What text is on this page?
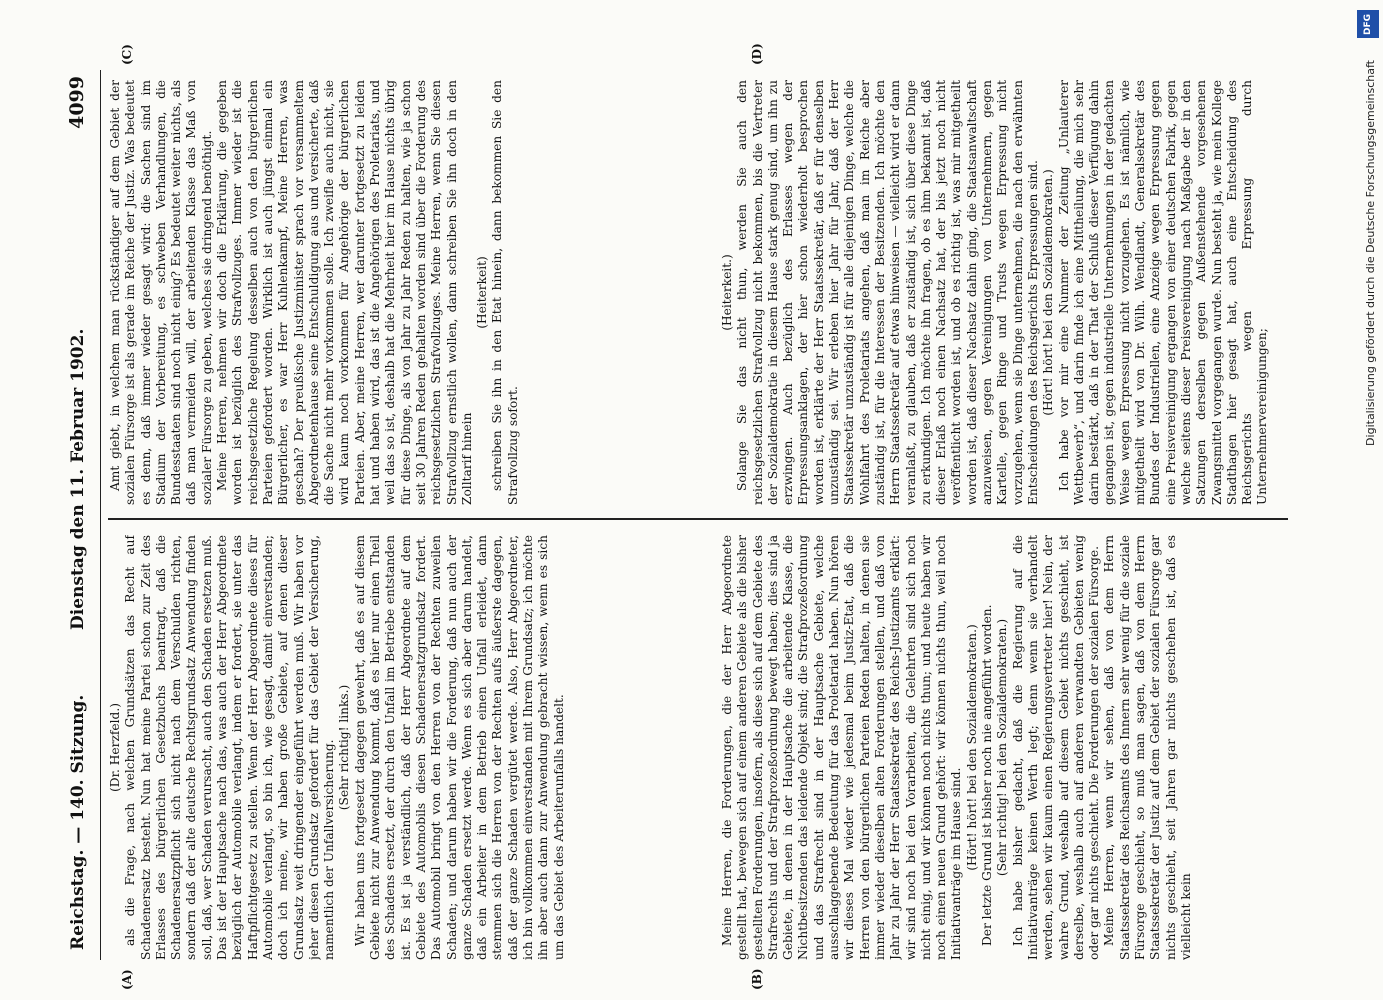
Reichstag. — 140. Sitzung.
Dienstag den 11. Februar 1902.
4099

(Dr. Herzfeld.) als die Frage, nach welchen Grundsätzen das Recht auf Schadenersatz besteht. Nun hat meine Partei schon zur Zeit des Erlasses des bürgerlichen Gesetzbuchs beantragt, daß die Schadenersatzpflicht sich nicht nach dem Verschulden richten, sondern daß der alte deutsche Rechtsgrundsatz Anwendung finden soll, daß, wer Schaden verursacht, auch den Schaden ersetzen muß. Das ist der Hauptsache nach das, was auch der Herr Abgeordnete bezüglich der Automobile verlangt, indem er fordert, sie unter das Haftpflichtgesetz zu stellen. Wenn der Herr Abgeordnete dieses für Automobile verlangt, so bin ich, wie gesagt, damit einverstanden; doch ich meine, wir haben große Gebiete, auf denen dieser Grundsatz weit dringender eingeführt werden muß. Wir haben vor jeher diesen Grundsatz gefordert für das Gebiet der Versicherung, namentlich der Unfallversicherung. (Sehr richtig! links.) Wir haben uns fortgesetzt dagegen gewehrt, daß es auf diesem Gebiete nicht zur Anwendung kommt, daß es hier nur einen Theil des Schadens ersetzt, der durch den Unfall im Betriebe entstanden ist. Es ist ja verständlich, daß der Herr Abgeordnete auf dem Gebiete des Automobils diesen Schadenersatzgrundsatz fordert. Das Automobil bringt von den Herren von der Rechten zuweilen Schaden; und darum haben wir die Forderung, daß nun auch der ganze Schaden ersetzt werde. Wenn es sich aber darum handelt, daß ein Arbeiter in dem Betrieb einen Unfall erleidet, dann stemmen sich die Herren von der Rechten aufs äußerste dagegen, daß der ganze Schaden vergütet werde. Also, Herr Abgeordneter, ich bin vollkommen einverstanden mit Ihrem Grundsatz; ich möchte ihn aber auch dann zur Anwendung gebracht wissen, wenn es sich um das Gebiet des Arbeiterunfalls handelt.	Meine Herren, die Forderungen, die der Herr Abgeordnete gestellt hat, bewegen sich auf einem anderen Gebiete als die bisher gestellten Forderungen, insofern, als diese sich auf dem Gebiete des Strafrechts und der Strafprozeßordnung bewegt haben; dies sind ja Gebiete, in denen in der Hauptsache die arbeitende Klasse, die Nichtbesitzenden das leidende Objekt sind; die Strafprozeßordnung und das Strafrecht sind in der Hauptsache Gebiete, welche ausschlaggebende Bedeutung für das Proletariat haben. Nun hören wir dieses Mal wieder wie jedesmal beim Justiz-Etat, daß die Herren von den bürgerlichen Parteien Reden halten, in denen sie immer wieder dieselben alten Forderungen stellen, und daß von Jahr zu Jahr der Herr Staatssekretär des Reichs-Justizamts erklärt: wir sind noch bei den Vorarbeiten, die Gelehrten sind sich noch nicht einig, und wir können noch nichts thun; und heute haben wir noch einen neuen Grund gehört: wir können nichts thun, weil noch Initiativanträge im Hause sind. (Hört! hört! bei den Sozialdemokraten.) Der letzte Grund ist bisher noch nie angeführt worden. (Sehr richtig! bei den Sozialdemokraten.) Ich habe bisher gedacht, daß die Regierung auf die Initiativanträge keinen Werth legt; denn wenn sie verhandelt werden, sehen wir kaum einen Regierungsvertreter hier! Nein, der wahre Grund, weshalb auf diesem Gebiet nichts geschieht, ist derselbe, weshalb auch auf anderen verwandten Gebieten wenig oder gar nichts geschieht. Die Forderungen der sozialen Fürsorge. Meine Herren, wenn wir sehen, daß von dem Herrn Staatssekretär des Reichsamts des Innern sehr wenig für die soziale Fürsorge geschieht, so muß man sagen, daß von dem Herrn Staatssekretär der Justiz auf dem Gebiet der sozialen Fürsorge gar nichts geschieht, seit Jahren gar nichts geschehen ist, daß es vielleicht kein

Amt giebt, in welchem man rückständiger auf dem Gebiet der sozialen Fürsorge ist als gerade im Reiche der Justiz. Was bedeutet es denn, daß immer wieder gesagt wird: die Sachen sind im Stadium der Vorbereitung, es schweben Verhandlungen, die Bundesstaaten sind noch nicht einig? Es bedeutet weiter nichts, als daß man vermeiden will, der arbeitenden Klasse das Maß von sozialer Fürsorge zu geben, welches sie dringend benöthigt. Meine Herren, nehmen wir doch die Erklärung, die gegeben worden ist bezüglich des Strafvollzuges. Immer wieder ist die reichsgesetzliche Regelung desselben auch von den bürgerlichen Parteien gefordert worden. Wirklich ist auch jüngst einmal ein Bürgerlicher, es war Herr Kuhlenkampf, Meine Herren, was geschah? Der preußische Justizminister sprach vor versammeltem Abgeordnetenhause seine Entschuldigung aus und versicherte, daß die Sache nicht mehr vorkommen solle. Ich zweifle auch nicht, sie wird kaum noch vorkommen für Angehörige der bürgerlichen Parteien. Aber, meine Herren, wer darunter fortgesetzt zu leiden hat und haben wird, das ist die Angehörigen des Proletariats, und weil das so ist, deshalb hat die Mehrheit hier im Hause nichts übrig für diese Dinge, als von Jahr zu Jahr Reden zu halten, wie ja schon seit 30 Jahren Reden gehalten worden sind über die Forderung des reichsgesetzlichen Strafvollzuges. Meine Herren, wenn Sie diesen Strafvollzug ernstlich wollen, dann schreiben Sie ihn doch in den Zolltarif hinein

(Heiterkeit) schreiben Sie ihn in den Etat hinein, dann bekommen Sie den Strafvollzug sofort.

(Heiterkeit.) Solange Sie das nicht thun, werden Sie auch den reichsgesetzlichen Strafvollzug nicht bekommen, bis die Vertreter der Sozialdemokratie in diesem Hause stark genug sind, um ihn zu erzwingen. Auch bezüglich des Erlasses wegen der Erpressungsanklagen, der hier schon wiederholt besprochen worden ist, erklärte der Herr Staatssekretär, daß er für denselben unzuständig sei. Wir erleben hier Jahr für Jahr, daß der Herr Staatssekretär unzuständig ist für alle diejenigen Dinge, welche die Wohlfahrt des Proletariats angehen, daß man im Reiche aber zuständig ist, für die Interessen der Besitzenden. Ich möchte den Herrn Staatssekretär auf etwas hinweisen — vielleicht wird er dann veranlaßt, zu glauben, daß er zuständig ist, sich über diese Dinge zu erkundigen. Ich möchte ihn fragen, ob es ihm bekannt ist, daß dieser Erlaß noch einen Nachsatz hat, der bis jetzt noch nicht veröffentlicht worden ist, und ob es richtig ist, was mir mitgetheilt worden ist, daß dieser Nachsatz dahin ging, die Staatsanwaltschaft anzuweisen, gegen Vereinigungen von Unternehmern, gegen Kartelle, gegen Ringe und Trusts wegen Erpressung nicht vorzugehen, wenn sie Dinge unternehmen, die nach den erwähnten Entscheidungen des Reichsgerichts Erpressungen sind. (Hört! hört! bei den Sozialdemokraten.) Ich habe vor mir eine Nummer der Zeitung „Unlauterer Wettbewerb“, und darin finde ich eine Mittheilung, die mich sehr darin bestärkt, daß in der That der Schluß dieser Verfügung dahin gegangen ist, gegen industrielle Unternehmungen in der gedachten Weise wegen Erpressung nicht vorzugehen. Es ist nämlich, wie mitgetheilt wird von Dr. Wilh. Wendlandt, Generalsekretär des Bundes der Industriellen, eine Anzeige wegen Erpressung gegen eine Preisvereinigung ergangen von einer deutschen Fabrik, gegen welche seitens dieser Preisvereinigung nach Maßgabe der in den Satzungen derselben gegen Außenstehende vorgesehenen Zwangsmittel vorgegangen wurde. Nun besteht ja, wie mein Kollege Stadthagen hier gesagt hat, auch eine Entscheidung des Reichsgerichts wegen Erpressung durch Unternehmervereinigungen;

(A)	(B)
(C)	(D)
DFG
Digitalisierung gefördert durch die Deutsche Forschungsgemeinschaft
